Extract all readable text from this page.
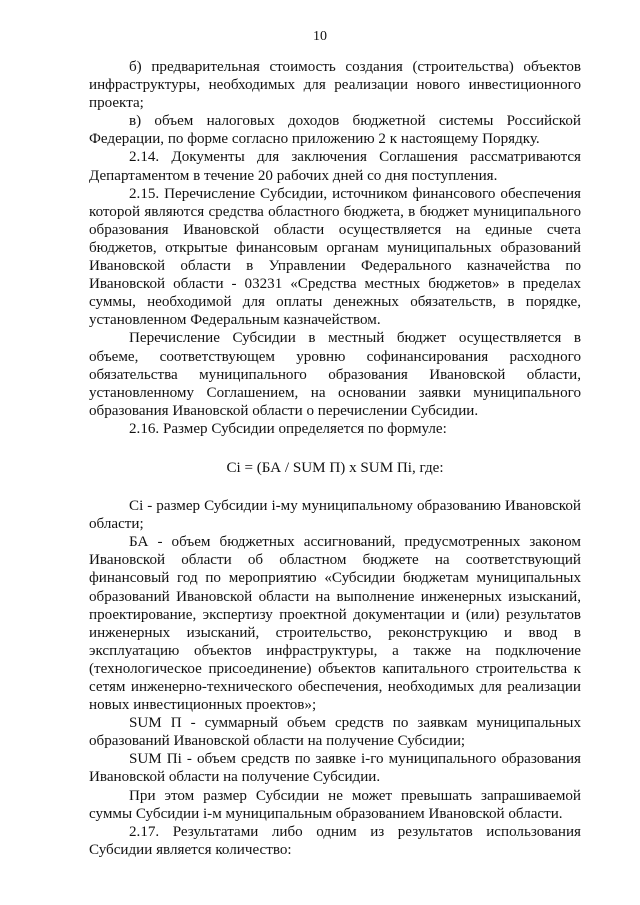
10

б) предварительная стоимость создания (строительства) объектов инфраструктуры, необходимых для реализации нового инвестиционного проекта;

в) объем налоговых доходов бюджетной системы Российской Федерации, по форме согласно приложению 2 к настоящему Порядку.

2.14. Документы для заключения Соглашения рассматриваются Департаментом в течение 20 рабочих дней со дня поступления.

2.15. Перечисление Субсидии, источником финансового обеспечения которой являются средства областного бюджета, в бюджет муниципального образования Ивановской области осуществляется на единые счета бюджетов, открытые финансовым органам муниципальных образований Ивановской области в Управлении Федерального казначейства по Ивановской области - 03231 «Средства местных бюджетов» в пределах суммы, необходимой для оплаты денежных обязательств, в порядке, установленном Федеральным казначейством.

Перечисление Субсидии в местный бюджет осуществляется в объеме, соответствующем уровню софинансирования расходного обязательства муниципального образования Ивановской области, установленному Соглашением, на основании заявки муниципального образования Ивановской области о перечислении Субсидии.

2.16. Размер Субсидии определяется по формуле:

Ci = (БА / SUM П) x SUM Пi, где:

Ci - размер Субсидии i-му муниципальному образованию Ивановской области;

БА - объем бюджетных ассигнований, предусмотренных законом Ивановской области об областном бюджете на соответствующий финансовый год по мероприятию «Субсидии бюджетам муниципальных образований Ивановской области на выполнение инженерных изысканий, проектирование, экспертизу проектной документации и (или) результатов инженерных изысканий, строительство, реконструкцию и ввод в эксплуатацию объектов инфраструктуры, а также на подключение (технологическое присоединение) объектов капитального строительства к сетям инженерно-технического обеспечения, необходимых для реализации новых инвестиционных проектов»;

SUM П - суммарный объем средств по заявкам муниципальных образований Ивановской области на получение Субсидии;

SUM Пi - объем средств по заявке i-го муниципального образования Ивановской области на получение Субсидии.

При этом размер Субсидии не может превышать запрашиваемой суммы Субсидии i-м муниципальным образованием Ивановской области.

2.17. Результатами либо одним из результатов использования Субсидии является количество:
